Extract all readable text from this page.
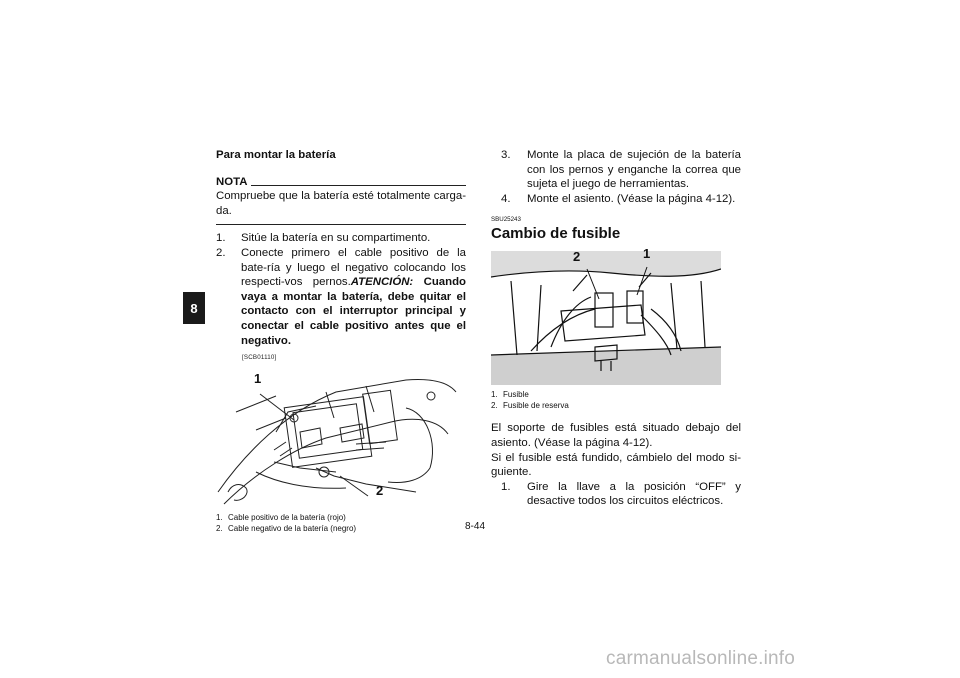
8
Para montar la batería
NOTA

Compruebe que la batería esté totalmente carga-da.

1.	Sitúe la batería en su compartimento.
2.	Conecte primero el cable positivo de la bate-ría y luego el negativo colocando los respecti-vos pernos.ATENCIÓN: Cuando vaya a montar la batería, debe quitar el contacto con el interruptor principal y conectar el cable positivo antes que el negativo.
[SCB01110]
1
2
1. Cable positivo de la batería (rojo)
2. Cable negativo de la batería (negro)
3.	Monte la placa de sujeción de la batería con los pernos y enganche la correa que sujeta el juego de herramientas.
4.	Monte el asiento. (Véase la página 4-12).
SBU25243
Cambio de fusible
2	1
1. Fusible
2. Fusible de reserva

El soporte de fusibles está situado debajo del asiento. (Véase la página 4-12).

Si el fusible está fundido, cámbielo del modo si-guiente.

1.	Gire la llave a la posición “OFF” y desactive todos los circuitos eléctricos.
8-44
carmanualsonline.info
